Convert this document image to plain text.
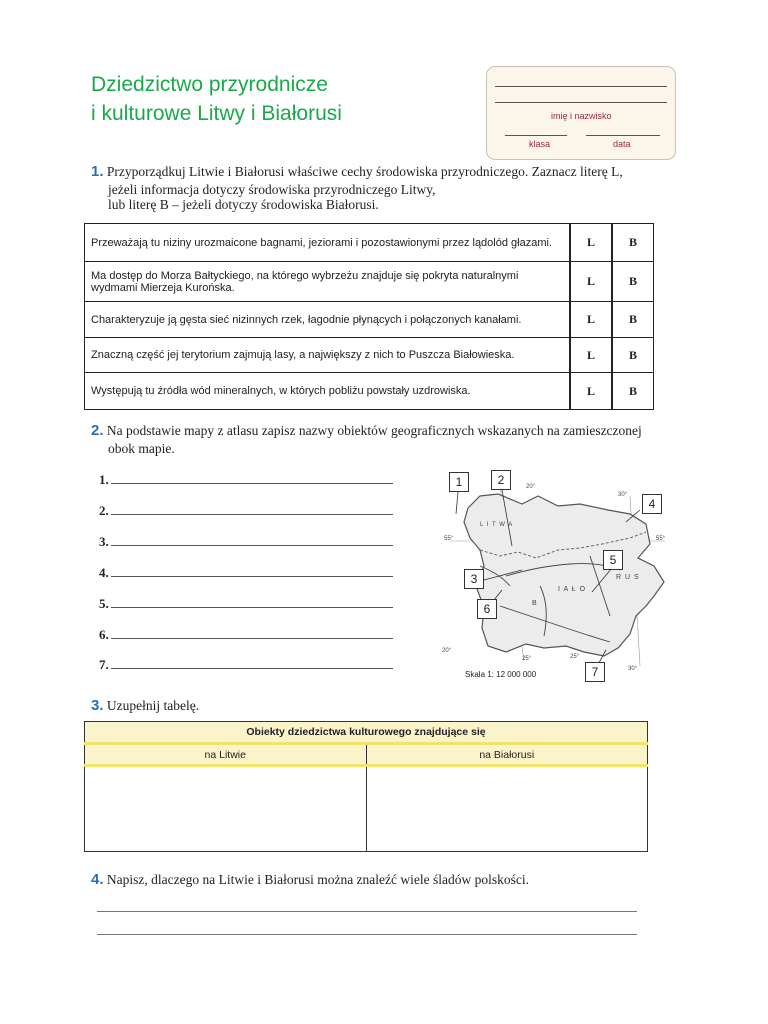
Dziedzictwo przyrodnicze
i kulturowe Litwy i Białorusi	imię i nazwisko
klasa	data
1. Przyporządkuj Litwie i Białorusi właściwe cechy środowiska przyrodniczego. Zaznacz literę L,
jeżeli informacja dotyczy środowiska przyrodniczego Litwy,
lub literę B – jeżeli dotyczy środowiska Białorusi.
Przeważają tu niziny urozmaicone bagnami, jeziorami i pozostawionymi przez lądolód głazami.	L	B
Ma dostęp do Morza Bałtyckiego, na którego wybrzeżu znajduje się pokryta naturalnymi wydmami Mierzeja Kurońska.	L	B
Charakteryzuje ją gęsta sieć nizinnych rzek, łagodnie płynących i połączonych kanałami.	L	B
Znaczną część jej terytorium zajmują lasy, a największy z nich to Puszcza Białowieska.	L	B
Występują tu źródła wód mineralnych, w których pobliżu powstały uzdrowiska.	L	B
2. Na podstawie mapy z atlasu zapisz nazwy obiektów geograficznych wskazanych na zamieszczonej
obok mapie.
1.
2.
3.
4.
5.
6.
7.
1	2
3
4
5
6
7
20°
30°
25°
20°
25°
30°
55°	55°
L I T W A
B
I A Ł O
R U S
Skala 1: 12 000 000
3. Uzupełnij tabelę.
Obiekty dziedzictwa kulturowego znajdujące się	
na Litwie	na Białorusi

4. Napisz, dlaczego na Litwie i Białorusi można znaleźć wiele śladów polskości.
